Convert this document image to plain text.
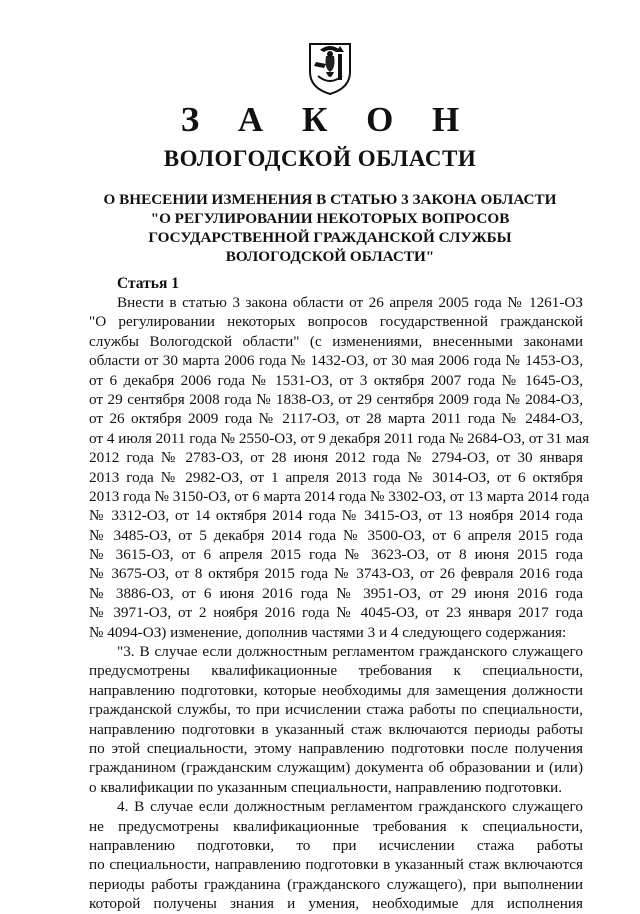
З А К О Н
ВОЛОГОДСКОЙ ОБЛАСТИ
О ВНЕСЕНИИ ИЗМЕНЕНИЯ В СТАТЬЮ 3 ЗАКОНА ОБЛАСТИ
"О РЕГУЛИРОВАНИИ НЕКОТОРЫХ ВОПРОСОВ
ГОСУДАРСТВЕННОЙ ГРАЖДАНСКОЙ СЛУЖБЫ
ВОЛОГОДСКОЙ ОБЛАСТИ"
Статья 1
Внести в статью 3 закона области от 26 апреля 2005 года № 1261-ОЗ
"О регулировании некоторых вопросов государственной гражданской
службы Вологодской области" (с изменениями, внесенными законами
области от 30 марта 2006 года № 1432-ОЗ, от 30 мая 2006 года № 1453-ОЗ,
от 6 декабря 2006 года № 1531-ОЗ, от 3 октября 2007 года № 1645-ОЗ,
от 29 сентября 2008 года № 1838-ОЗ, от 29 сентября 2009 года № 2084-ОЗ,
от 26 октября 2009 года № 2117-ОЗ, от 28 марта 2011 года № 2484-ОЗ,
от 4 июля 2011 года № 2550-ОЗ, от 9 декабря 2011 года № 2684-ОЗ, от 31 мая
2012 года № 2783-ОЗ, от 28 июня 2012 года № 2794-ОЗ, от 30 января
2013 года № 2982-ОЗ, от 1 апреля 2013 года № 3014-ОЗ, от 6 октября
2013 года № 3150-ОЗ, от 6 марта 2014 года № 3302-ОЗ, от 13 марта 2014 года
№ 3312-ОЗ, от 14 октября 2014 года № 3415-ОЗ, от 13 ноября 2014 года
№ 3485-ОЗ, от 5 декабря 2014 года № 3500-ОЗ, от 6 апреля 2015 года
№ 3615-ОЗ, от 6 апреля 2015 года № 3623-ОЗ, от 8 июня 2015 года
№ 3675-ОЗ, от 8 октября 2015 года № 3743-ОЗ, от 26 февраля 2016 года
№ 3886-ОЗ, от 6 июня 2016 года № 3951-ОЗ, от 29 июня 2016 года
№ 3971-ОЗ, от 2 ноября 2016 года № 4045-ОЗ, от 23 января 2017 года
№ 4094-ОЗ) изменение, дополнив частями 3 и 4 следующего содержания:
"3. В случае если должностным регламентом гражданского служащего
предусмотрены квалификационные требования к специальности,
направлению подготовки, которые необходимы для замещения должности
гражданской службы, то при исчислении стажа работы по специальности,
направлению подготовки в указанный стаж включаются периоды работы
по этой специальности, этому направлению подготовки после получения
гражданином (гражданским служащим) документа об образовании и (или)
о квалификации по указанным специальности, направлению подготовки.
4. В случае если должностным регламентом гражданского служащего
не предусмотрены квалификационные требования к специальности,
направлению подготовки, то при исчислении стажа работы
по специальности, направлению подготовки в указанный стаж включаются
периоды работы гражданина (гражданского служащего), при выполнении
которой получены знания и умения, необходимые для исполнения
